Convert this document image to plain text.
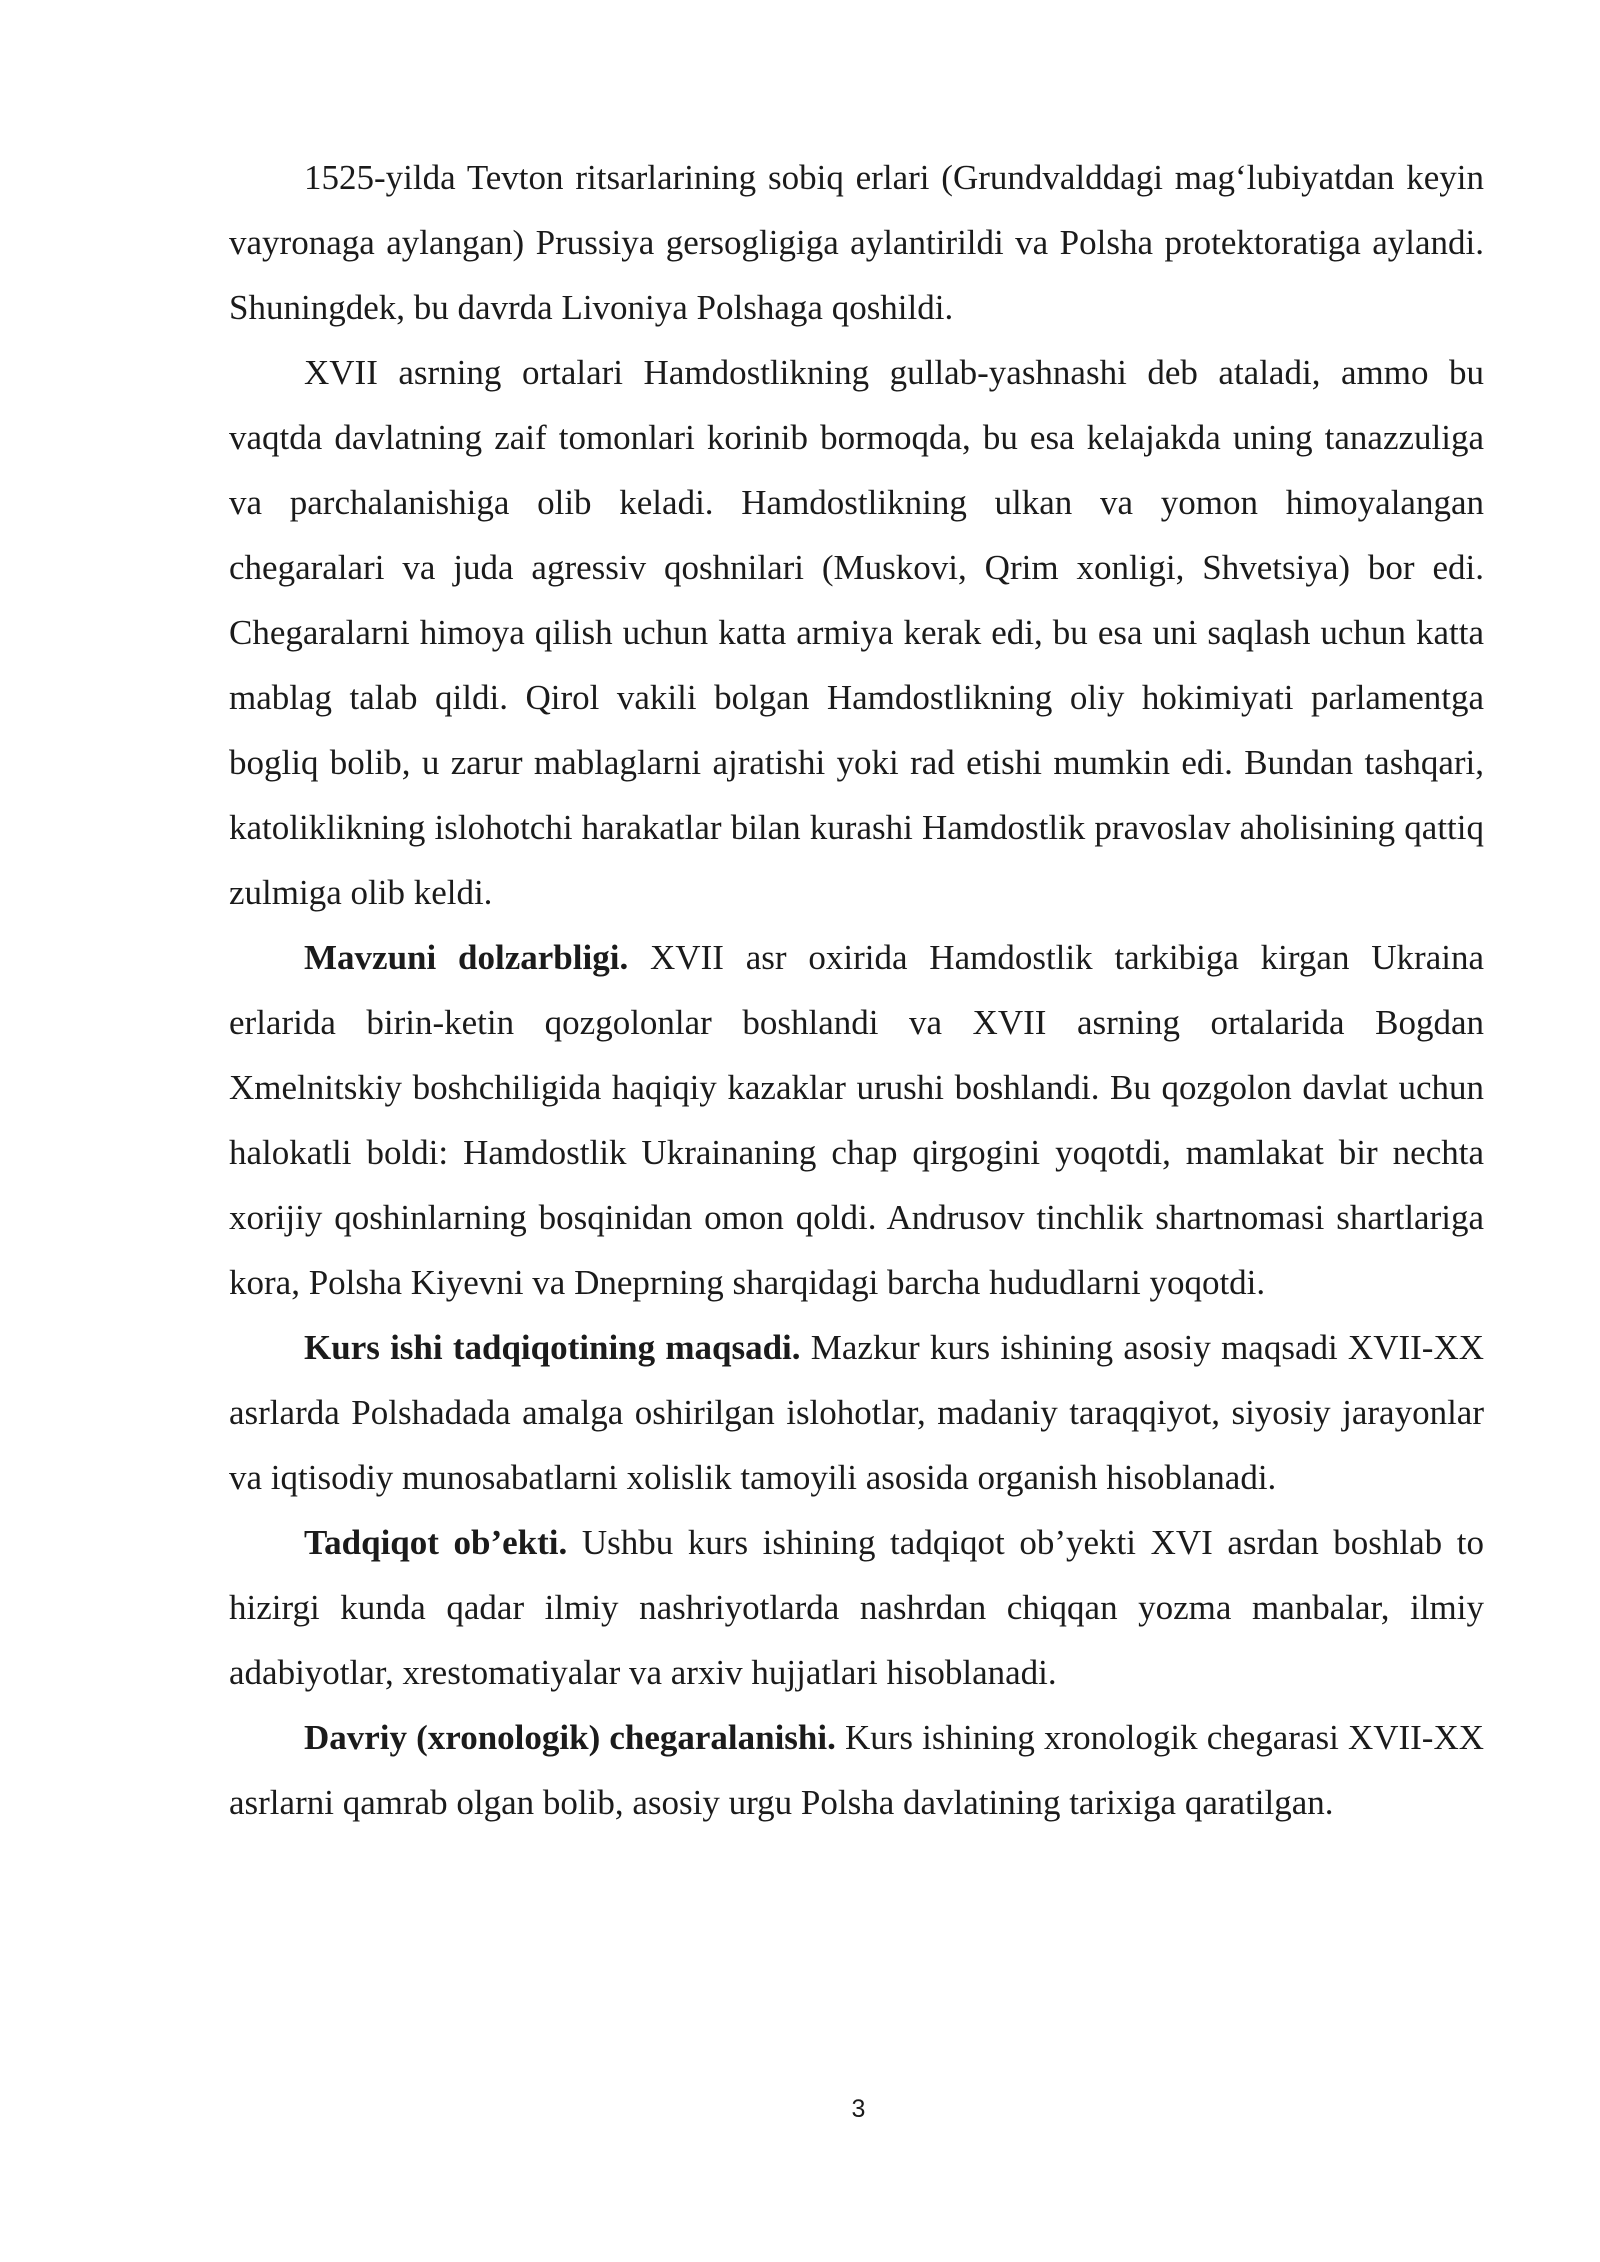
1525-yilda Tevton ritsarlarining sobiq erlari (Grundvalddagi mag‘lubiyatdan keyin vayronaga aylangan) Prussiya gersogligiga aylantirildi va Polsha protektoratiga aylandi. Shuningdek, bu davrda Livoniya Polshaga qoshildi.

XVII asrning ortalari Hamdostlikning gullab-yashnashi deb ataladi, ammo bu vaqtda davlatning zaif tomonlari korinib bormoqda, bu esa kelajakda uning tanazzuliga va parchalanishiga olib keladi. Hamdostlikning ulkan va yomon himoyalangan chegaralari va juda agressiv qoshnilari (Muskovi, Qrim xonligi, Shvetsiya) bor edi. Chegaralarni himoya qilish uchun katta armiya kerak edi, bu esa uni saqlash uchun katta mablag talab qildi. Qirol vakili bolgan Hamdostlikning oliy hokimiyati parlamentga bogliq bolib, u zarur mablaglarni ajratishi yoki rad etishi mumkin edi. Bundan tashqari, katoliklikning islohotchi harakatlar bilan kurashi Hamdostlik pravoslav aholisining qattiq zulmiga olib keldi.

Mavzuni dolzarbligi. XVII asr oxirida Hamdostlik tarkibiga kirgan Ukraina erlarida birin-ketin qozgolonlar boshlandi va XVII asrning ortalarida Bogdan Xmelnitskiy boshchiligida haqiqiy kazaklar urushi boshlandi. Bu qozgolon davlat uchun halokatli boldi: Hamdostlik Ukrainaning chap qirgogini yoqotdi, mamlakat bir nechta xorijiy qoshinlarning bosqinidan omon qoldi. Andrusov tinchlik shartnomasi shartlariga kora, Polsha Kiyevni va Dneprning sharqidagi barcha hududlarni yoqotdi.

Kurs ishi tadqiqotining maqsadi. Mazkur kurs ishining asosiy maqsadi XVII-XX asrlarda Polshadada amalga oshirilgan islohotlar, madaniy taraqqiyot, siyosiy jarayonlar va iqtisodiy munosabatlarni xolislik tamoyili asosida organish hisoblanadi.

Tadqiqot ob’ekti. Ushbu kurs ishining tadqiqot ob’yekti XVI asrdan boshlab to hizirgi kunda qadar ilmiy nashriyotlarda nashrdan chiqqan yozma manbalar, ilmiy adabiyotlar, xrestomatiyalar va arxiv hujjatlari hisoblanadi.

Davriy (xronologik) chegaralanishi. Kurs ishining xronologik chegarasi XVII-XX asrlarni qamrab olgan bolib, asosiy urgu Polsha davlatining tarixiga qaratilgan.

3
